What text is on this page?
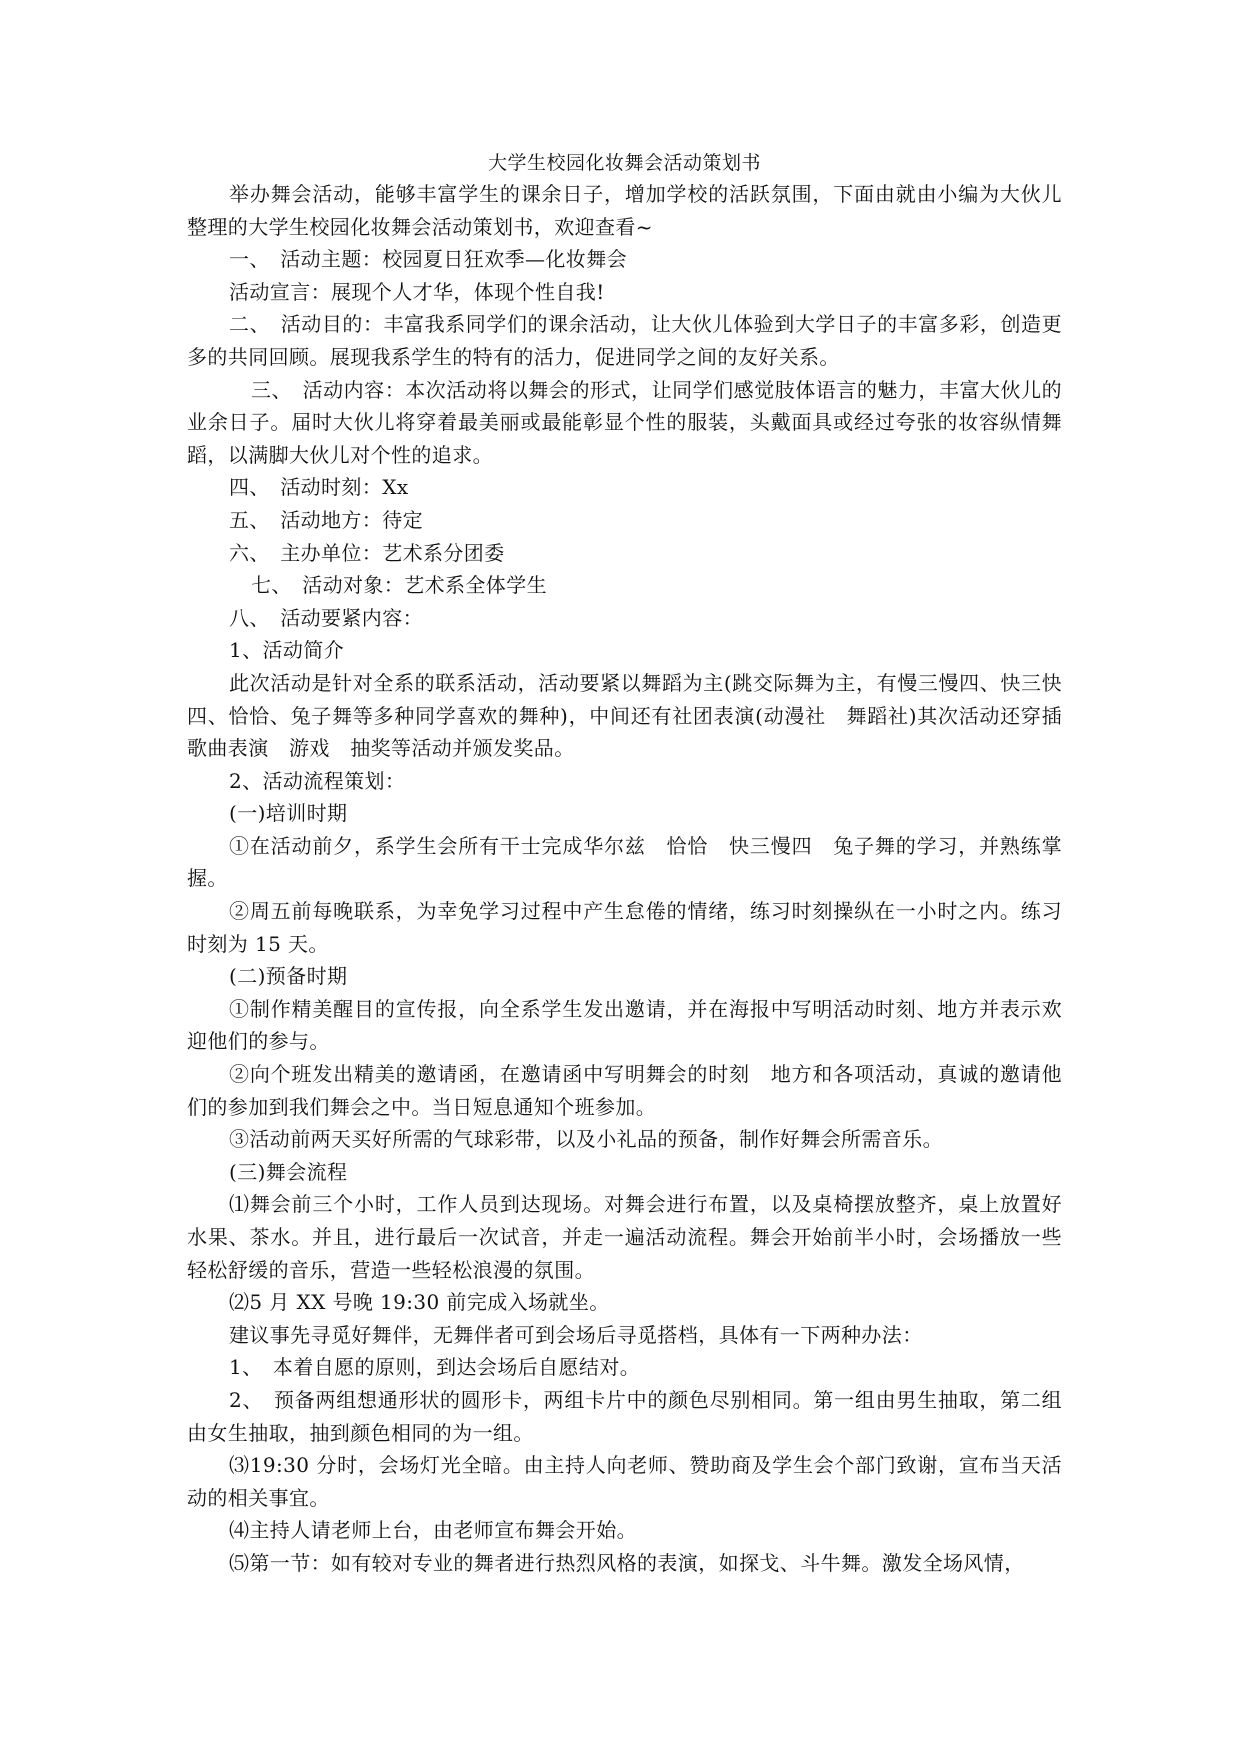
大学生校园化妆舞会活动策划书

举办舞会活动，能够丰富学生的课余日子，增加学校的活跃氛围，下面由就由小编为大伙儿整理的大学生校园化妆舞会活动策划书，欢迎查看~

一、　活动主题：校园夏日狂欢季—化妆舞会

活动宣言：展现个人才华，体现个性自我!

二、　活动目的：丰富我系同学们的课余活动，让大伙儿体验到大学日子的丰富多彩，创造更多的共同回顾。展现我系学生的特有的活力，促进同学之间的友好关系。

三、　活动内容：本次活动将以舞会的形式，让同学们感觉肢体语言的魅力，丰富大伙儿的业余日子。届时大伙儿将穿着最美丽或最能彰显个性的服装，头戴面具或经过夸张的妆容纵情舞蹈，以满脚大伙儿对个性的追求。

四、　活动时刻：Xx

五、　活动地方：待定

六、　主办单位：艺术系分团委

七、　活动对象：艺术系全体学生

八、　活动要紧内容：

1、活动简介

此次活动是针对全系的联系活动，活动要紧以舞蹈为主(跳交际舞为主，有慢三慢四、快三快四、恰恰、兔子舞等多种同学喜欢的舞种)，中间还有社团表演(动漫社　舞蹈社)其次活动还穿插歌曲表演　游戏　抽奖等活动并颁发奖品。

2、活动流程策划：

(一)培训时期

①在活动前夕，系学生会所有干士完成华尔兹　恰恰　快三慢四　兔子舞的学习，并熟练掌握。

②周五前每晚联系，为幸免学习过程中产生怠倦的情绪，练习时刻操纵在一小时之内。练习时刻为 15 天。

(二)预备时期

①制作精美醒目的宣传报，向全系学生发出邀请，并在海报中写明活动时刻、地方并表示欢迎他们的参与。

②向个班发出精美的邀请函，在邀请函中写明舞会的时刻　地方和各项活动，真诚的邀请他们的参加到我们舞会之中。当日短息通知个班参加。

③活动前两天买好所需的气球彩带，以及小礼品的预备，制作好舞会所需音乐。

(三)舞会流程

⑴舞会前三个小时，工作人员到达现场。对舞会进行布置，以及桌椅摆放整齐，桌上放置好水果、茶水。并且，进行最后一次试音，并走一遍活动流程。舞会开始前半小时，会场播放一些轻松舒缓的音乐，营造一些轻松浪漫的氛围。

⑵5 月 XX 号晚 19:30 前完成入场就坐。

建议事先寻觅好舞伴，无舞伴者可到会场后寻觅搭档，具体有一下两种办法：

1、　本着自愿的原则，到达会场后自愿结对。

2、　预备两组想通形状的圆形卡，两组卡片中的颜色尽别相同。第一组由男生抽取，第二组由女生抽取，抽到颜色相同的为一组。

⑶19:30 分时，会场灯光全暗。由主持人向老师、赞助商及学生会个部门致谢，宣布当天活动的相关事宜。

⑷主持人请老师上台，由老师宣布舞会开始。

⑸第一节：如有较对专业的舞者进行热烈风格的表演，如探戈、斗牛舞。激发全场风情，
